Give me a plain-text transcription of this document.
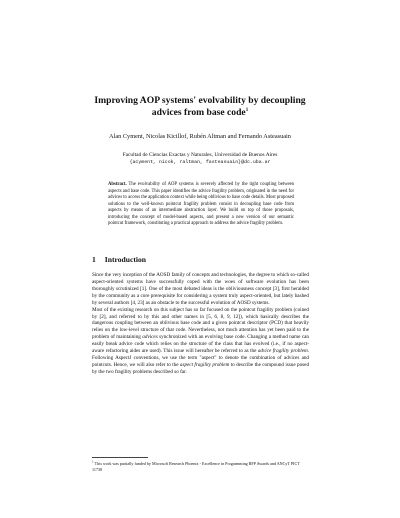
Improving AOP systems' evolvability by decoupling advices from base code$^1$
Alan Cyment, Nicolas Kicillof, Rubén Altman and Fernando Asteasuain
Facultad de Ciencias Exactas y Naturales, Universidad de Buenos Aires
{acyment, nicok, raltman, fasteasuain}@dc.uba.ar
Abstract. The evolvability of AOP systems is severely affected by the tight coupling between aspects and base code. This paper identifies the advice fragility problem, originated in the need for advices to access the application context while being oblivious to base code details. Most proposed solutions to the well-known pointcut fragility problem consist in decoupling base code from aspects by means of an intermediate abstraction layer. We build on top of those proposals, introducing the concept of model-based aspects, and present a new version of our semantic pointcut framework, constituting a practical approach to address the advice fragility problem.
1 Introduction

Since the very inception of the AOSD family of concepts and technologies, the degree to which so-called aspect-oriented systems have successfully coped with the woes of software evolution has been thoroughly scrutinized [1]. One of the most debated ideas is the obliviousness concept [3], first heralded by the community as a core prerequisite for considering a system truly aspect-oriented, but lately bashed by several authors [4, 23] as an obstacle to the successful evolution of AOSD systems.

Most of the existing research on this subject has so far focused on the pointcut fragility problem (coined by [2], and referred to by this and other names in [5, 6, 8, 9, 12]), which basically describes the dangerous coupling between an oblivious base code and a given pointcut descriptor (PCD) that heavily relies on the low-level structure of that code. Nevertheless, not much attention has yet been paid to the problem of maintaining advices synchronized with an evolving base code. Changing a method name can easily break advice code which relies on the structure of the class that has evolved (i.e., if no aspect-aware refactoring aides are used). This issue will hereafter be referred to as the advice fragility problem. Following AspectJ conventions, we use the term "aspect" to denote the combination of advices and pointcuts. Hence, we will also refer to the aspect fragility problem to describe the compound issue posed by the two fragility problems described so far.

$^1$ This work was partially funded by Microsoft Research Phoenix - Excellence in Programming RFP Awards and ANCyT PICT 11738
